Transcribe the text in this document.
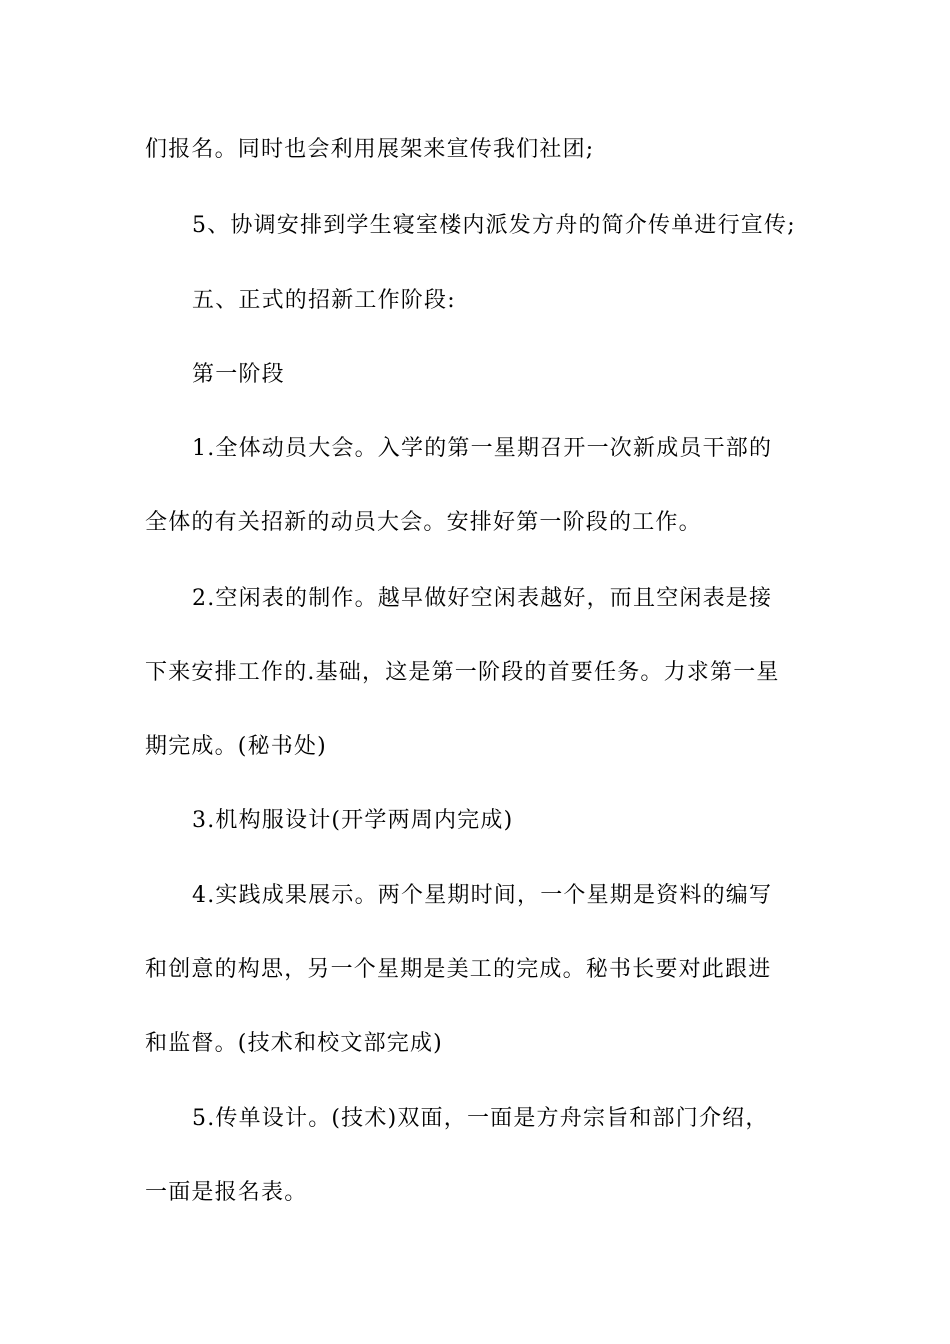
们报名。同时也会利用展架来宣传我们社团;
5、协调安排到学生寝室楼内派发方舟的简介传单进行宣传;
五、正式的招新工作阶段:
第一阶段
1.全体动员大会。入学的第一星期召开一次新成员干部的
全体的有关招新的动员大会。安排好第一阶段的工作。
2.空闲表的制作。越早做好空闲表越好，而且空闲表是接
下来安排工作的.基础，这是第一阶段的首要任务。力求第一星
期完成。(秘书处)
3.机构服设计(开学两周内完成)
4.实践成果展示。两个星期时间，一个星期是资料的编写
和创意的构思，另一个星期是美工的完成。秘书长要对此跟进
和监督。(技术和校文部完成)
5.传单设计。(技术)双面，一面是方舟宗旨和部门介绍，
一面是报名表。
